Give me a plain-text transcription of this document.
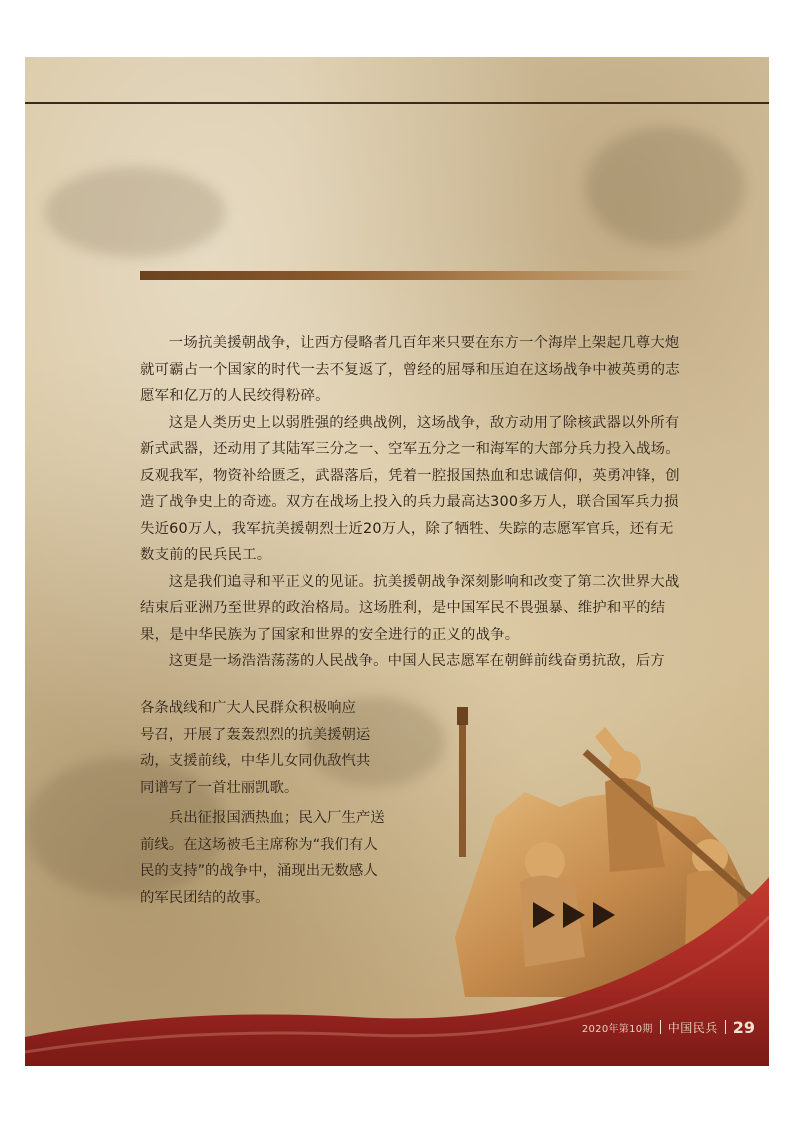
一场抗美援朝战争，让西方侵略者几百年来只要在东方一个海岸上架起几尊大炮就可霸占一个国家的时代一去不复返了，曾经的屈辱和压迫在这场战争中被英勇的志愿军和亿万的人民绞得粉碎。

这是人类历史上以弱胜强的经典战例，这场战争，敌方动用了除核武器以外所有新式武器，还动用了其陆军三分之一、空军五分之一和海军的大部分兵力投入战场。反观我军，物资补给匮乏，武器落后，凭着一腔报国热血和忠诚信仰，英勇冲锋，创造了战争史上的奇迹。双方在战场上投入的兵力最高达300多万人，联合国军兵力损失近60万人，我军抗美援朝烈士近20万人，除了牺牲、失踪的志愿军官兵，还有无数支前的民兵民工。

这是我们追寻和平正义的见证。抗美援朝战争深刻影响和改变了第二次世界大战结束后亚洲乃至世界的政治格局。这场胜利，是中国军民不畏强暴、维护和平的结果，是中华民族为了国家和世界的安全进行的正义的战争。

这更是一场浩浩荡荡的人民战争。中国人民志愿军在朝鲜前线奋勇抗敌，后方

各条战线和广大人民群众积极响应

号召，开展了轰轰烈烈的抗美援朝运

动，支援前线，中华儿女同仇敌忾共

同谱写了一首壮丽凯歌。

兵出征报国洒热血；民入厂生产送前线。在这场被毛主席称为“我们有人民的支持”的战争中，涌现出无数感人的军民团结的故事。

2020年第10期 中国民兵 29
